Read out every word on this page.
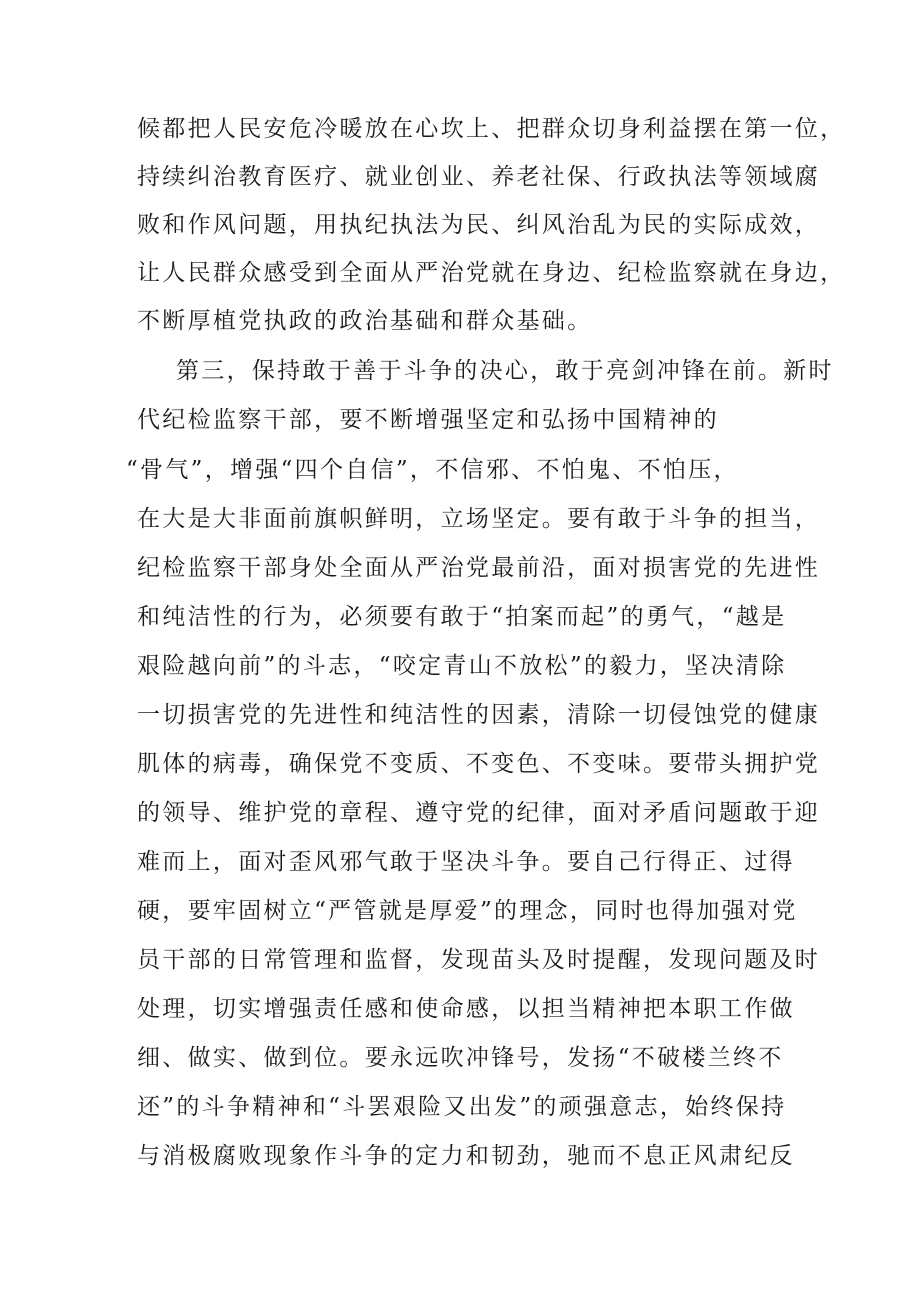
候都把人民安危冷暖放在心坎上、把群众切身利益摆在第一位，
持续纠治教育医疗、就业创业、养老社保、行政执法等领域腐
败和作风问题，用执纪执法为民、纠风治乱为民的实际成效，
让人民群众感受到全面从严治党就在身边、纪检监察就在身边，
不断厚植党执政的政治基础和群众基础。
第三，保持敢于善于斗争的决心，敢于亮剑冲锋在前。新时
代纪检监察干部，要不断增强坚定和弘扬中国精神的
“骨气”，增强“四个自信”，不信邪、不怕鬼、不怕压，
在大是大非面前旗帜鲜明，立场坚定。要有敢于斗争的担当，
纪检监察干部身处全面从严治党最前沿，面对损害党的先进性
和纯洁性的行为，必须要有敢于“拍案而起”的勇气，“越是
艰险越向前”的斗志，“咬定青山不放松”的毅力，坚决清除
一切损害党的先进性和纯洁性的因素，清除一切侵蚀党的健康
肌体的病毒，确保党不变质、不变色、不变味。要带头拥护党
的领导、维护党的章程、遵守党的纪律，面对矛盾问题敢于迎
难而上，面对歪风邪气敢于坚决斗争。要自己行得正、过得
硬，要牢固树立“严管就是厚爱”的理念，同时也得加强对党
员干部的日常管理和监督，发现苗头及时提醒，发现问题及时
处理，切实增强责任感和使命感，以担当精神把本职工作做
细、做实、做到位。要永远吹冲锋号，发扬“不破楼兰终不
还”的斗争精神和“斗罢艰险又出发”的顽强意志，始终保持
与消极腐败现象作斗争的定力和韧劲，驰而不息正风肃纪反
